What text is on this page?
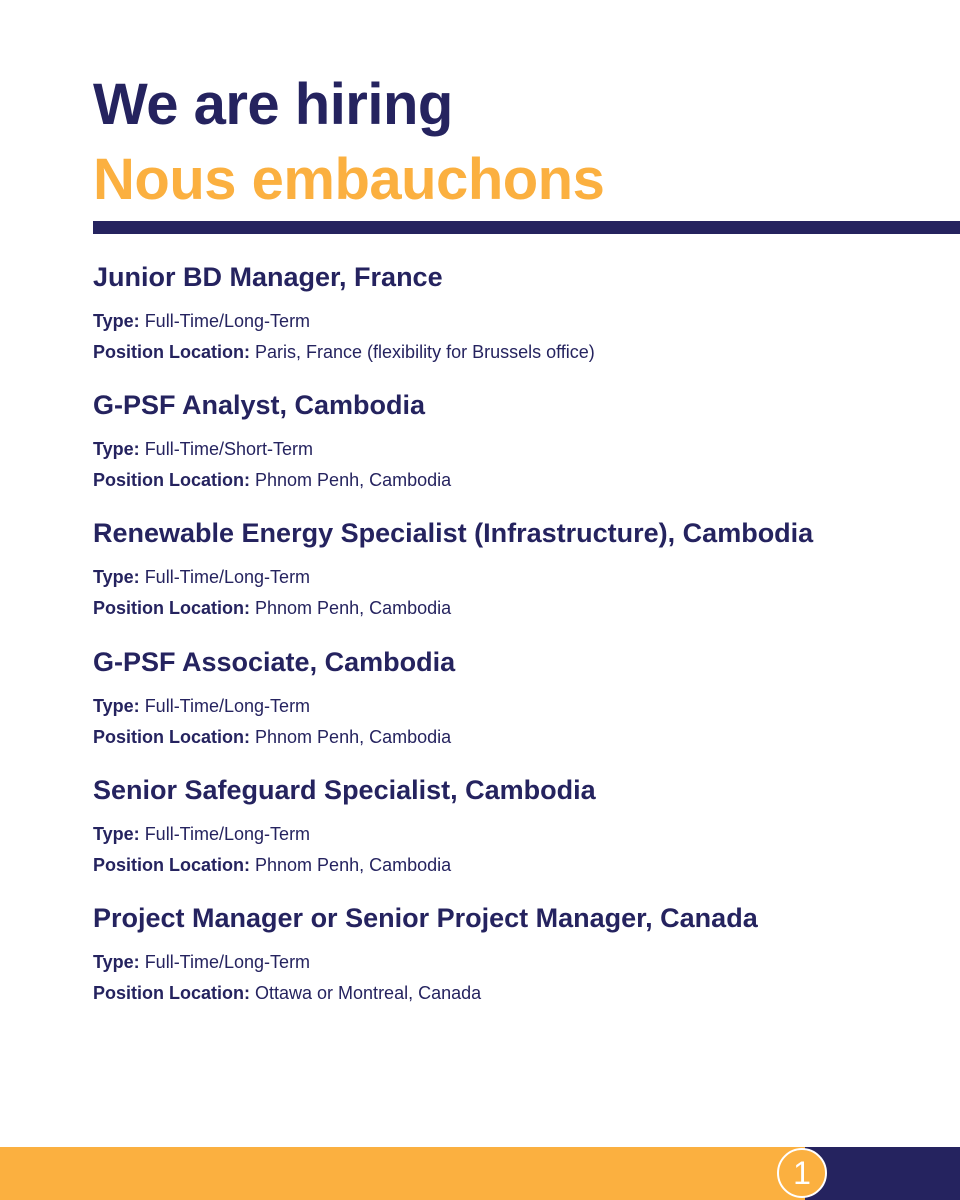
We are hiring
Nous embauchons
Junior BD Manager, France

Type: Full-Time/Long-Term

Position Location: Paris, France (flexibility for Brussels office)

G-PSF Analyst, Cambodia

Type: Full-Time/Short-Term

Position Location: Phnom Penh, Cambodia

Renewable Energy Specialist (Infrastructure), Cambodia

Type: Full-Time/Long-Term

Position Location: Phnom Penh, Cambodia

G-PSF Associate, Cambodia

Type: Full-Time/Long-Term

Position Location: Phnom Penh, Cambodia

Senior Safeguard Specialist, Cambodia

Type: Full-Time/Long-Term

Position Location: Phnom Penh, Cambodia

Project Manager or Senior Project Manager, Canada

Type: Full-Time/Long-Term

Position Location: Ottawa or Montreal, Canada

1
